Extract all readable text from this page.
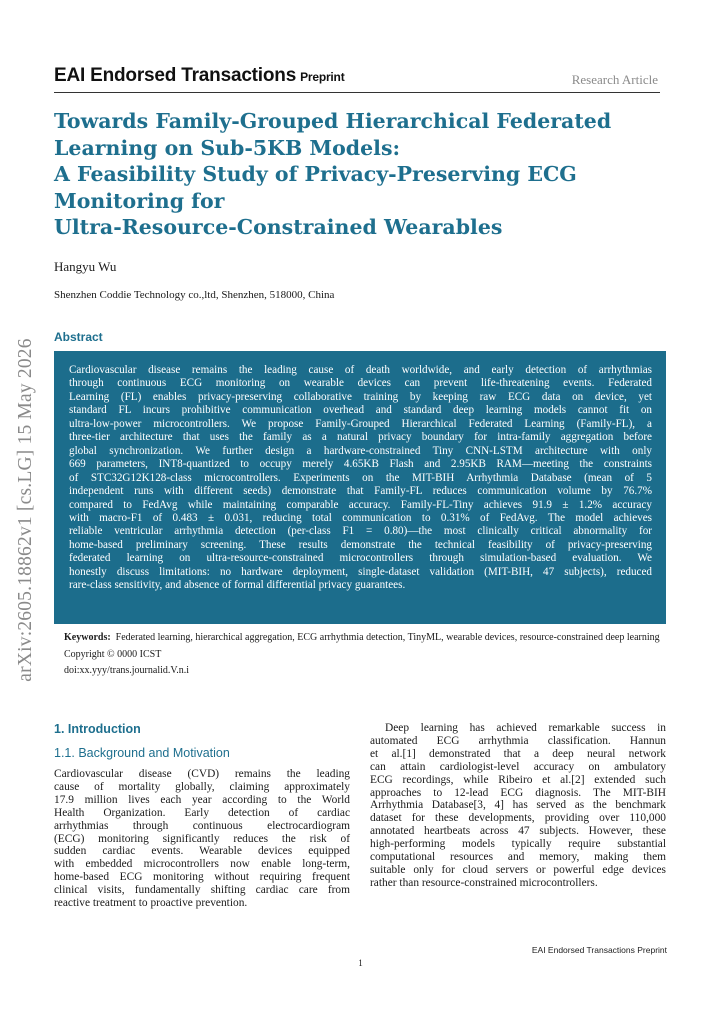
arXiv:2605.18862v1 [cs.LG] 15 May 2026
EAI Endorsed Transactions Preprint	Research Article
Towards Family-Grouped Hierarchical Federated
Learning on Sub-5KB Models:
A Feasibility Study of Privacy-Preserving ECG
Monitoring for
Ultra-Resource-Constrained Wearables
Hangyu Wu
Shenzhen Coddie Technology co.,ltd, Shenzhen, 518000, China
Abstract
Cardiovascular disease remains the leading cause of death worldwide, and early detection of arrhythmias
through continuous ECG monitoring on wearable devices can prevent life-threatening events. Federated
Learning (FL) enables privacy-preserving collaborative training by keeping raw ECG data on device, yet
standard FL incurs prohibitive communication overhead and standard deep learning models cannot fit on
ultra-low-power microcontrollers. We propose Family-Grouped Hierarchical Federated Learning (Family-FL), a
three-tier architecture that uses the family as a natural privacy boundary for intra-family aggregation before
global synchronization. We further design a hardware-constrained Tiny CNN-LSTM architecture with only
669 parameters, INT8-quantized to occupy merely 4.65KB Flash and 2.95KB RAM—meeting the constraints
of STC32G12K128-class microcontrollers. Experiments on the MIT-BIH Arrhythmia Database (mean of 5
independent runs with different seeds) demonstrate that Family-FL reduces communication volume by 76.7%
compared to FedAvg while maintaining comparable accuracy. Family-FL-Tiny achieves 91.9 ± 1.2% accuracy
with macro-F1 of 0.483 ± 0.031, reducing total communication to 0.31% of FedAvg. The model achieves
reliable ventricular arrhythmia detection (per-class F1 = 0.80)—the most clinically critical abnormality for
home-based preliminary screening. These results demonstrate the technical feasibility of privacy-preserving
federated learning on ultra-resource-constrained microcontrollers through simulation-based evaluation. We
honestly discuss limitations: no hardware deployment, single-dataset validation (MIT-BIH, 47 subjects), reduced
rare-class sensitivity, and absence of formal differential privacy guarantees.

Keywords: Federated learning, hierarchical aggregation, ECG arrhythmia detection, TinyML, wearable devices, resource-constrained deep learning

Copyright © 0000 ICST

doi:xx.yyy/trans.journalid.V.n.i

1. Introduction
1.1. Background and Motivation
Cardiovascular disease (CVD) remains the leading
cause of mortality globally, claiming approximately
17.9 million lives each year according to the World
Health Organization. Early detection of cardiac
arrhythmias through continuous electrocardiogram
(ECG) monitoring significantly reduces the risk of
sudden cardiac events. Wearable devices equipped
with embedded microcontrollers now enable long-term,
home-based ECG monitoring without requiring frequent
clinical visits, fundamentally shifting cardiac care from
reactive treatment to proactive prevention.
Deep learning has achieved remarkable success in
automated ECG arrhythmia classification. Hannun
et al.[1] demonstrated that a deep neural network
can attain cardiologist-level accuracy on ambulatory
ECG recordings, while Ribeiro et al.[2] extended such
approaches to 12-lead ECG diagnosis. The MIT-BIH
Arrhythmia Database[3, 4] has served as the benchmark
dataset for these developments, providing over 110,000
annotated heartbeats across 47 subjects. However, these
high-performing models typically require substantial
computational resources and memory, making them
suitable only for cloud servers or powerful edge devices
rather than resource-constrained microcontrollers.
EAI Endorsed Transactions Preprint
1
